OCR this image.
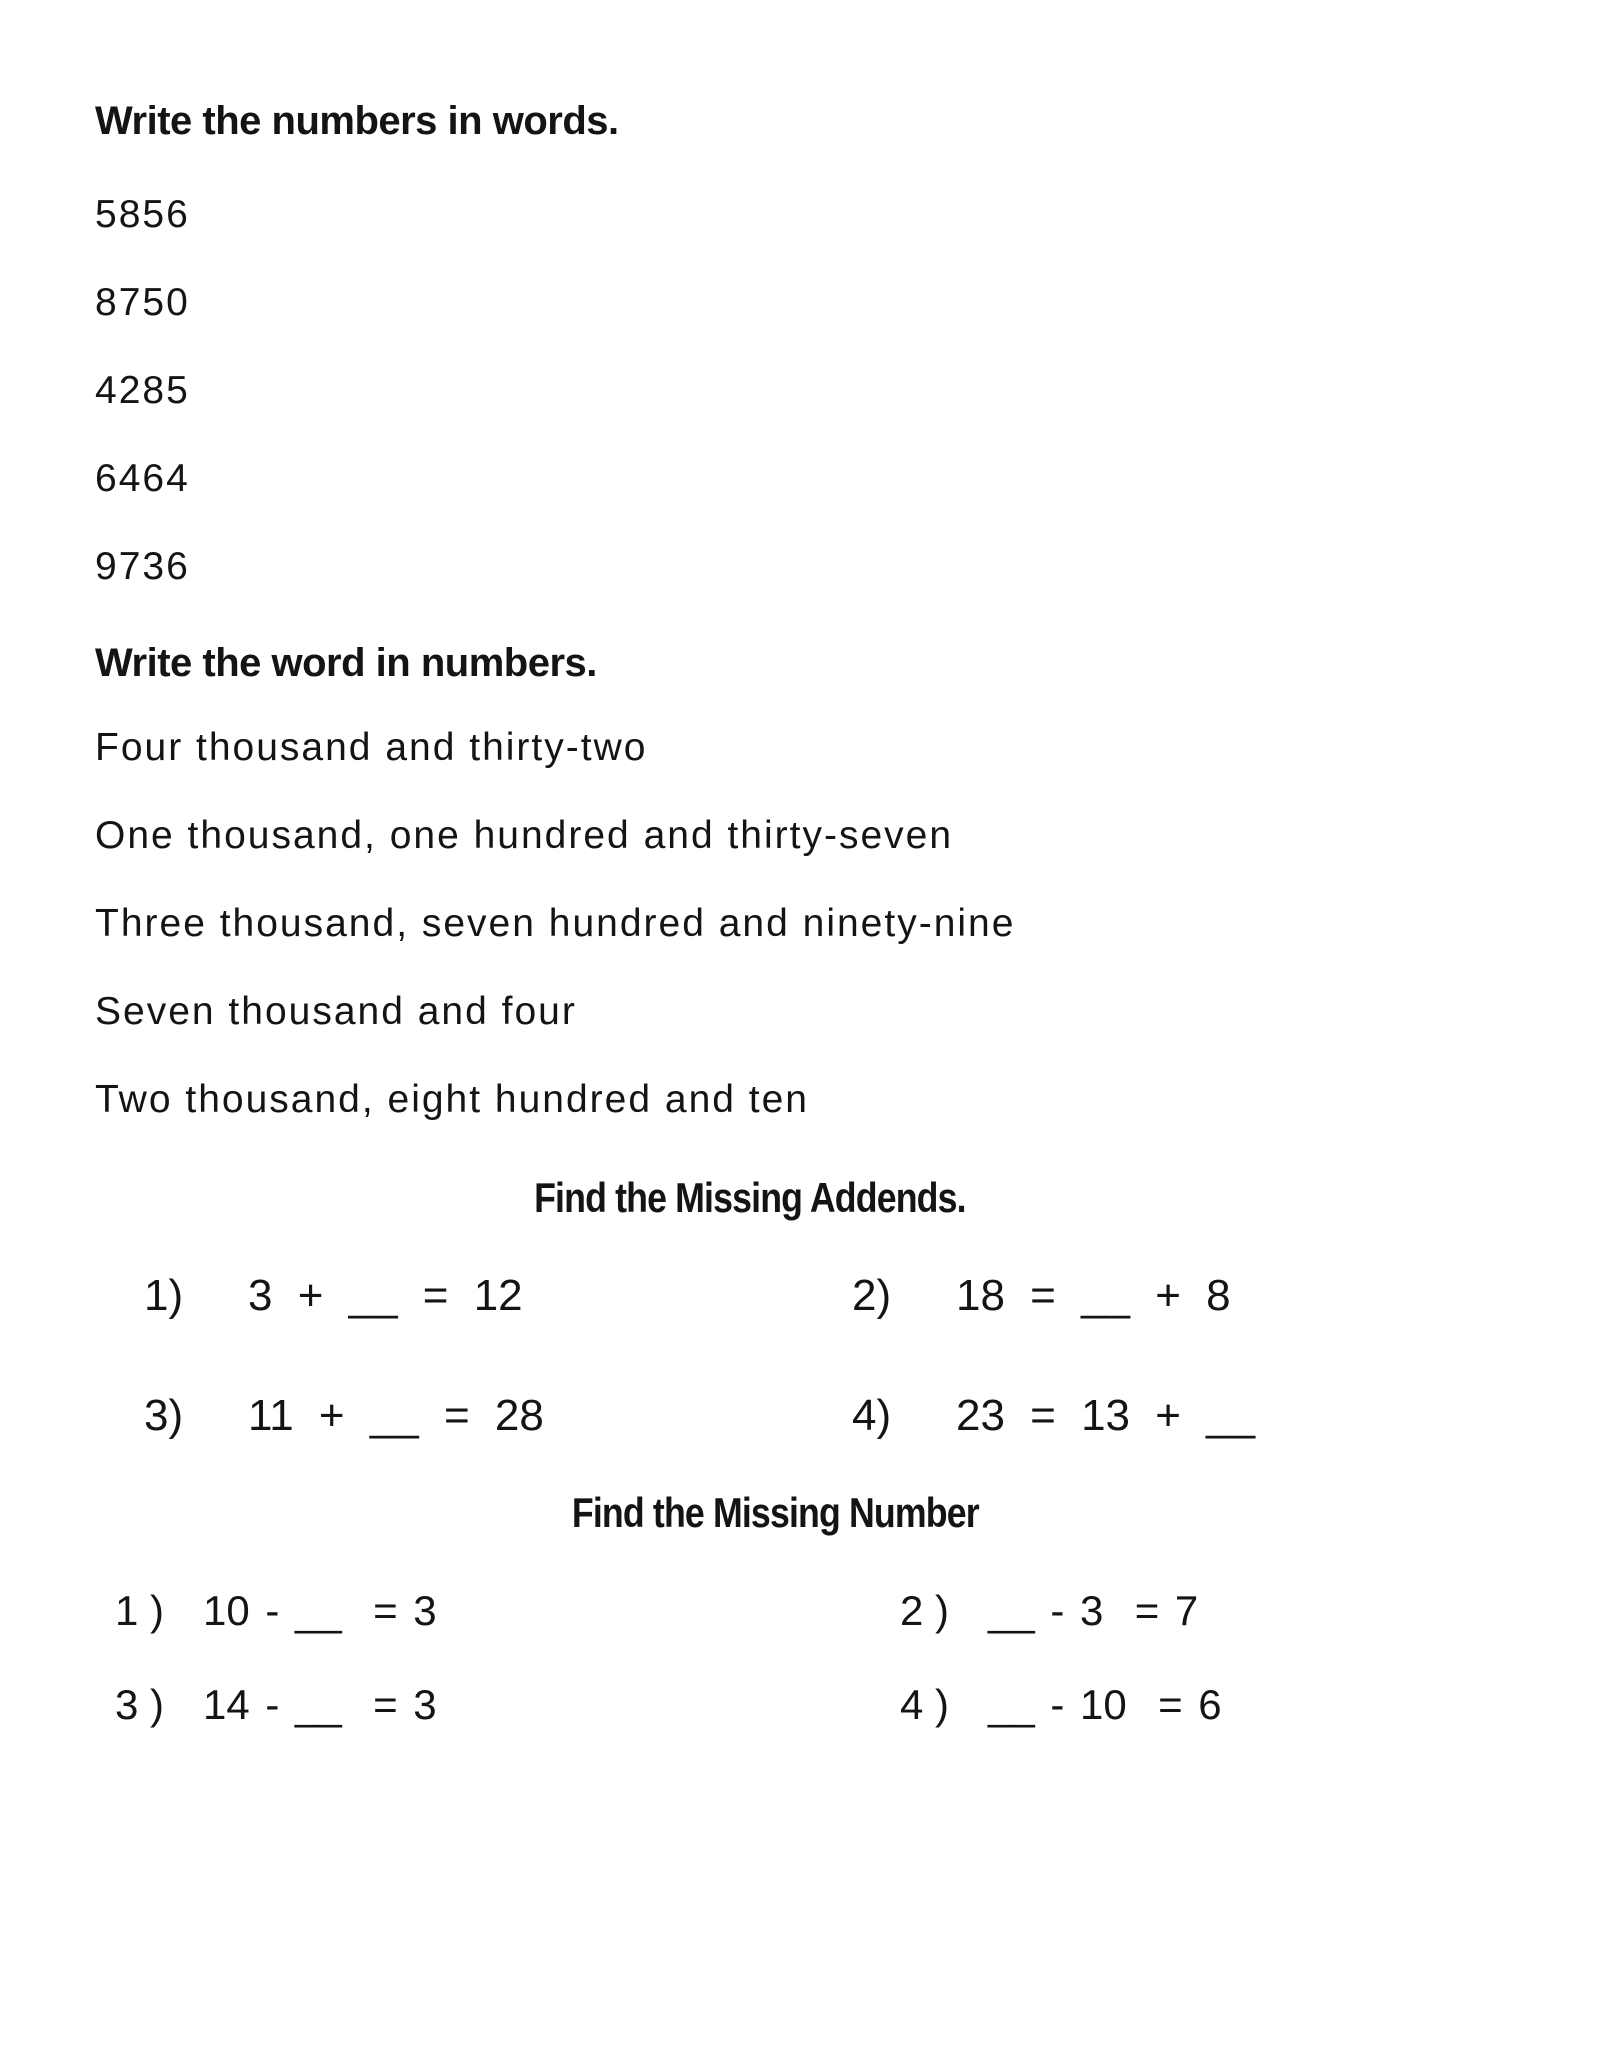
Write the numbers in words.
5856
8750
4285
6464
9736
Write the word in numbers.
Four thousand and thirty-two
One thousand, one hundred and thirty-seven
Three thousand, seven hundred and ninety-nine
Seven thousand and four
Two thousand, eight hundred and ten
Find the Missing Addends.
1)	3 + __ = 12	2)	18 = __ + 8
3)	11 + __ = 28	4)	23 = 13 + __
Find the Missing Number
1 ) 10 - __  = 3	2 ) __ - 3  = 7
3 ) 14 - __  = 3	4 ) __ - 10  = 6
